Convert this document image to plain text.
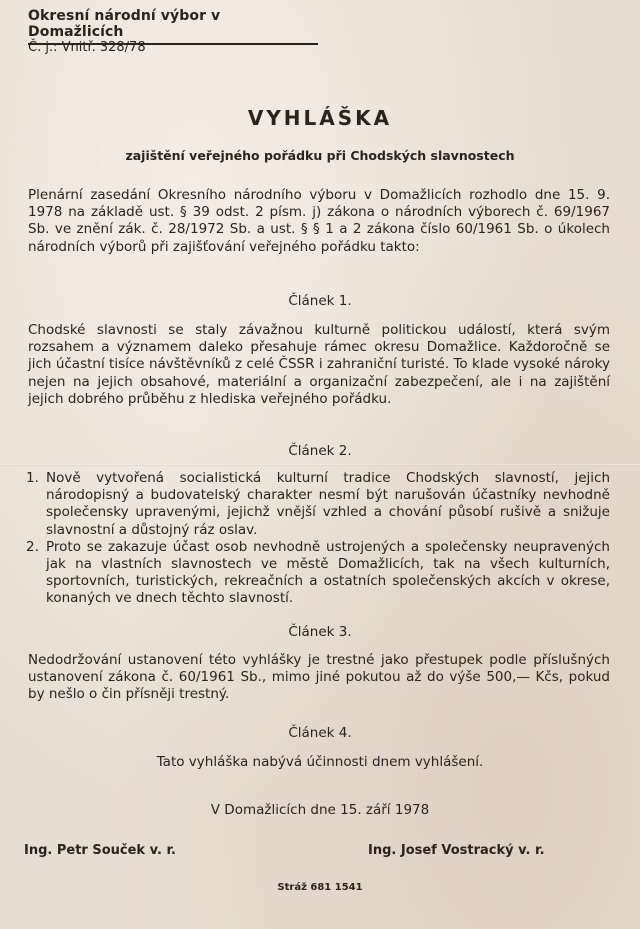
Okresní národní výbor v Domažlicích
Č. j.: Vnitř. 328/78
VYHLÁŠKA
zajištění veřejného pořádku při Chodských slavnostech

Plenární zasedání Okresního národního výboru v Domažlicích rozhodlo dne 15. 9. 1978 na základě ust. § 39 odst. 2 písm. j) zákona o národních výborech č. 69/1967 Sb. ve znění zák. č. 28/1972 Sb. a ust. § § 1 a 2 zákona číslo 60/1961 Sb. o úkolech národních výborů při zajišťování veřejného pořádku takto:

Článek 1.

Chodské slavnosti se staly závažnou kulturně politickou událostí, která svým rozsahem a významem daleko přesahuje rámec okresu Domažlice. Každoročně se jich účastní tisíce návštěvníků z celé ČSSR i zahraniční turisté. To klade vysoké nároky nejen na jejich obsahové, materiální a organizační zabezpečení, ale i na zajištění jejich dobrého průběhu z hlediska veřejného pořádku.

Článek 2.
1. Nově vytvořená socialistická kulturní tradice Chodských slavností, jejich národopisný a budovatelský charakter nesmí být narušován účastníky nevhodně společensky upravenými, jejichž vnější vzhled a chování působí rušivě a snižuje slavnostní a důstojný ráz oslav.
2. Proto se zakazuje účast osob nevhodně ustrojených a společensky neupravených jak na vlastních slavnostech ve městě Domažlicích, tak na všech kulturních, sportovních, turistických, rekreačních a ostatních společenských akcích v okrese, konaných ve dnech těchto slavností.
Článek 3.

Nedodržování ustanovení této vyhlášky je trestné jako přestupek podle příslušných ustanovení zákona č. 60/1961 Sb., mimo jiné pokutou až do výše 500,— Kčs, pokud by nešlo o čin přísněji trestný.

Článek 4.
Tato vyhláška nabývá účinnosti dnem vyhlášení.
V Domažlicích dne 15. září 1978
Ing. Petr Souček v. r.	Ing. Josef Vostracký v. r.
Stráž 681 1541
